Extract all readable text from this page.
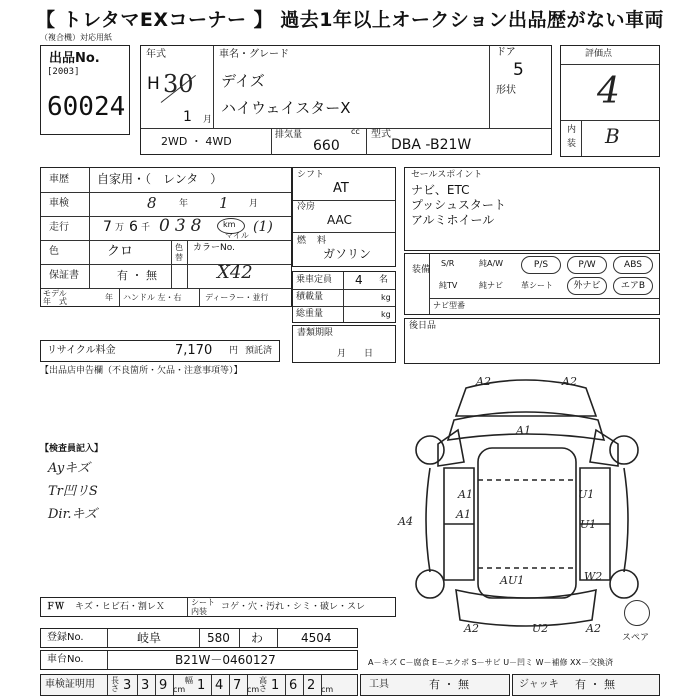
【 トレタマEXコーナー 】 過去1年以上オークション出品歴がない車両
（複合機）対応用紙
出品No.
[2003]
60024
年式
H 30
1 月
車名・グレード
デイズ
ハイウェイスターX
ドア
5
形状
2WD ・ 4WD	排気量	cc
660
型式
DBA -B21W
評価点
4
内
装 B
車歴 自家用・（　レンタ　）
車検	8 年 1 月
走行 7 万 6 千 038 km
マイル
(1)
色	クロ	色
替
カラーNo.
X42
保証書	有 ・ 無
モデル
年　式	年 ハンドル 左・右	ディーラー・並行
リサイクル料金	7,170 円 預託済
シフト
AT
冷房
AAC
燃 料
ガソリン
乗車定員 4 名
積載量	kg
総重量	kg
書類期限
月　　日
セールスポイント
ナビ、ETC
プッシュスタート
アルミホイール
装備
S/R	純A/W	P/S	P/W	ABS
純TV	純ナビ 革シート	外ナビ	エアB
ナビ型番
後日品
【出品店申告欄（不良箇所・欠品・注意事項等）】
【検査員記入】
Ayキズ
Tr凹リS
Dir.キズ
A2	A2
A1
A1
A1	U1
U1
AU1	W2
A2	U2	A2
A4
スペア
ＦＷ キズ・ヒビ石・割レＸ	シート
内装 コゲ・穴・汚れ・シミ・破レ・スレ
登録No.	岐阜	580 わ	4504
車台No.	B21W－0460127	A－キズ C－腐食 E－エクボ S－サビ U－凹ミ W－補修 XX－交換済
車検証明用 長さ 3 3 9 cm
幅 1 4 7 cm
高さ 1 6 2 cm	工具	有 ・ 無	ジャッキ 有 ・ 無
